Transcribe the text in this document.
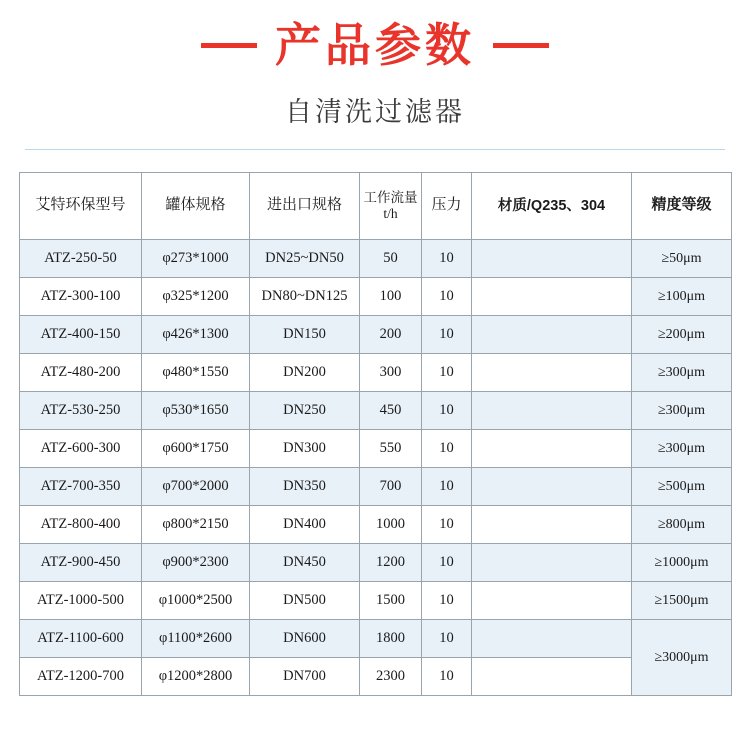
产品参数
自清洗过滤器
艾特环保型号	罐体规格	进出口规格	工作流量t/h	压力	材质/Q235、304	精度等级
ATZ-250-50	φ273*1000	DN25~DN50	50	10		≥50μm
ATZ-300-100	φ325*1200	DN80~DN125	100	10		≥100μm
ATZ-400-150	φ426*1300	DN150	200	10		≥200μm
ATZ-480-200	φ480*1550	DN200	300	10		≥300μm
ATZ-530-250	φ530*1650	DN250	450	10		≥300μm
ATZ-600-300	φ600*1750	DN300	550	10		≥300μm
ATZ-700-350	φ700*2000	DN350	700	10		≥500μm
ATZ-800-400	φ800*2150	DN400	1000	10		≥800μm
ATZ-900-450	φ900*2300	DN450	1200	10		≥1000μm
ATZ-1000-500	φ1000*2500	DN500	1500	10		≥1500μm
ATZ-1100-600	φ1100*2600	DN600	1800	10		≥3000μm
ATZ-1200-700	φ1200*2800	DN700	2300	10		
